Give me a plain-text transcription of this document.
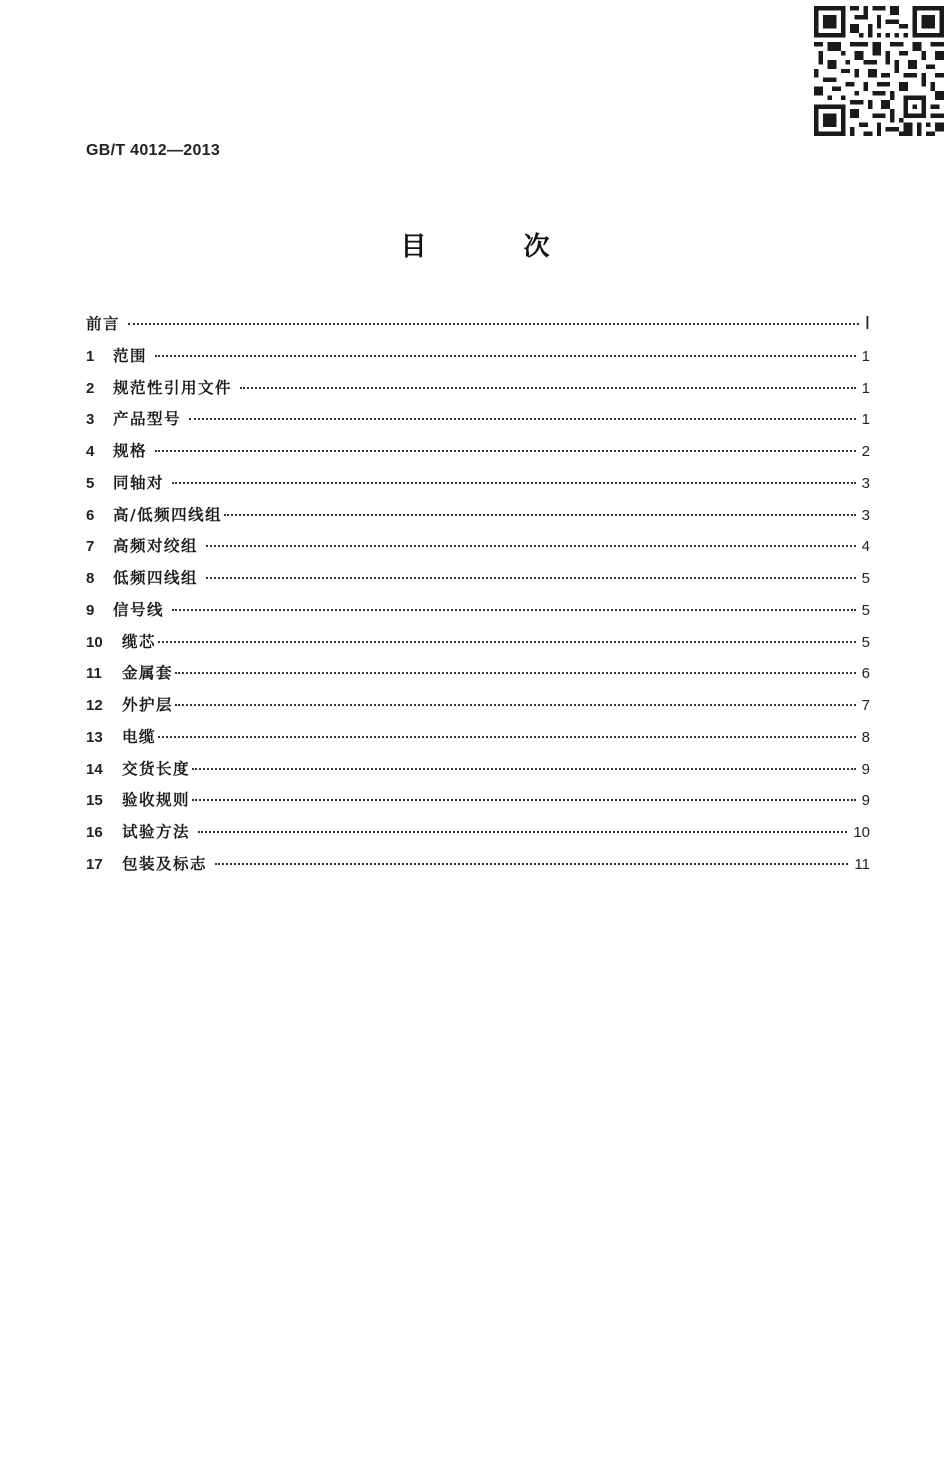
GB/T 4012—2013
目 次
前言	Ⅰ
1	范围	1
2	规范性引用文件	1
3	产品型号	1
4	规格	2
5	同轴对	3
6	高/低频四线组	3
7	高频对绞组	4
8	低频四线组	5
9	信号线	5
10	缆芯	5
11	金属套	6
12	外护层	7
13	电缆	8
14	交货长度	9
15	验收规则	9
16	试验方法	10
17	包装及标志	11
